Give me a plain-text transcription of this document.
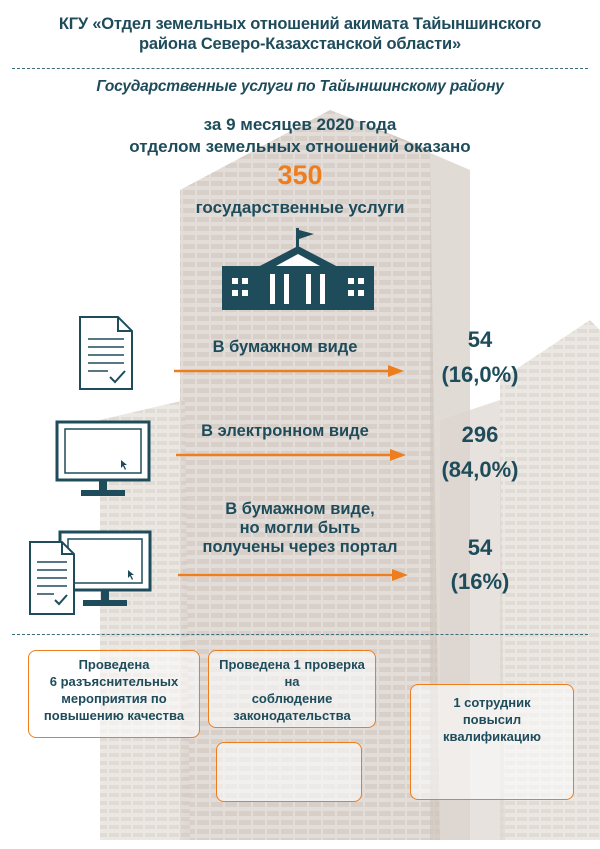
КГУ «Отдел земельных отношений акимата Тайыншинского
района Северо-Казахстанской области»
Государственные услуги по Тайыншинскому району
за 9 месяцев 2020 года
отделом земельных отношений оказано
350
государственные услуги
В бумажном виде	54
(16,0%)
В электронном виде	296
(84,0%)
В бумажном виде,
но могли быть
получены через портал	54
(16%)
Проведена
6 разъяснительных
мероприятия по
повышению качества
Проведена 1 проверка на
соблюдение
законодательства
1 сотрудник
повысил
квалификацию
